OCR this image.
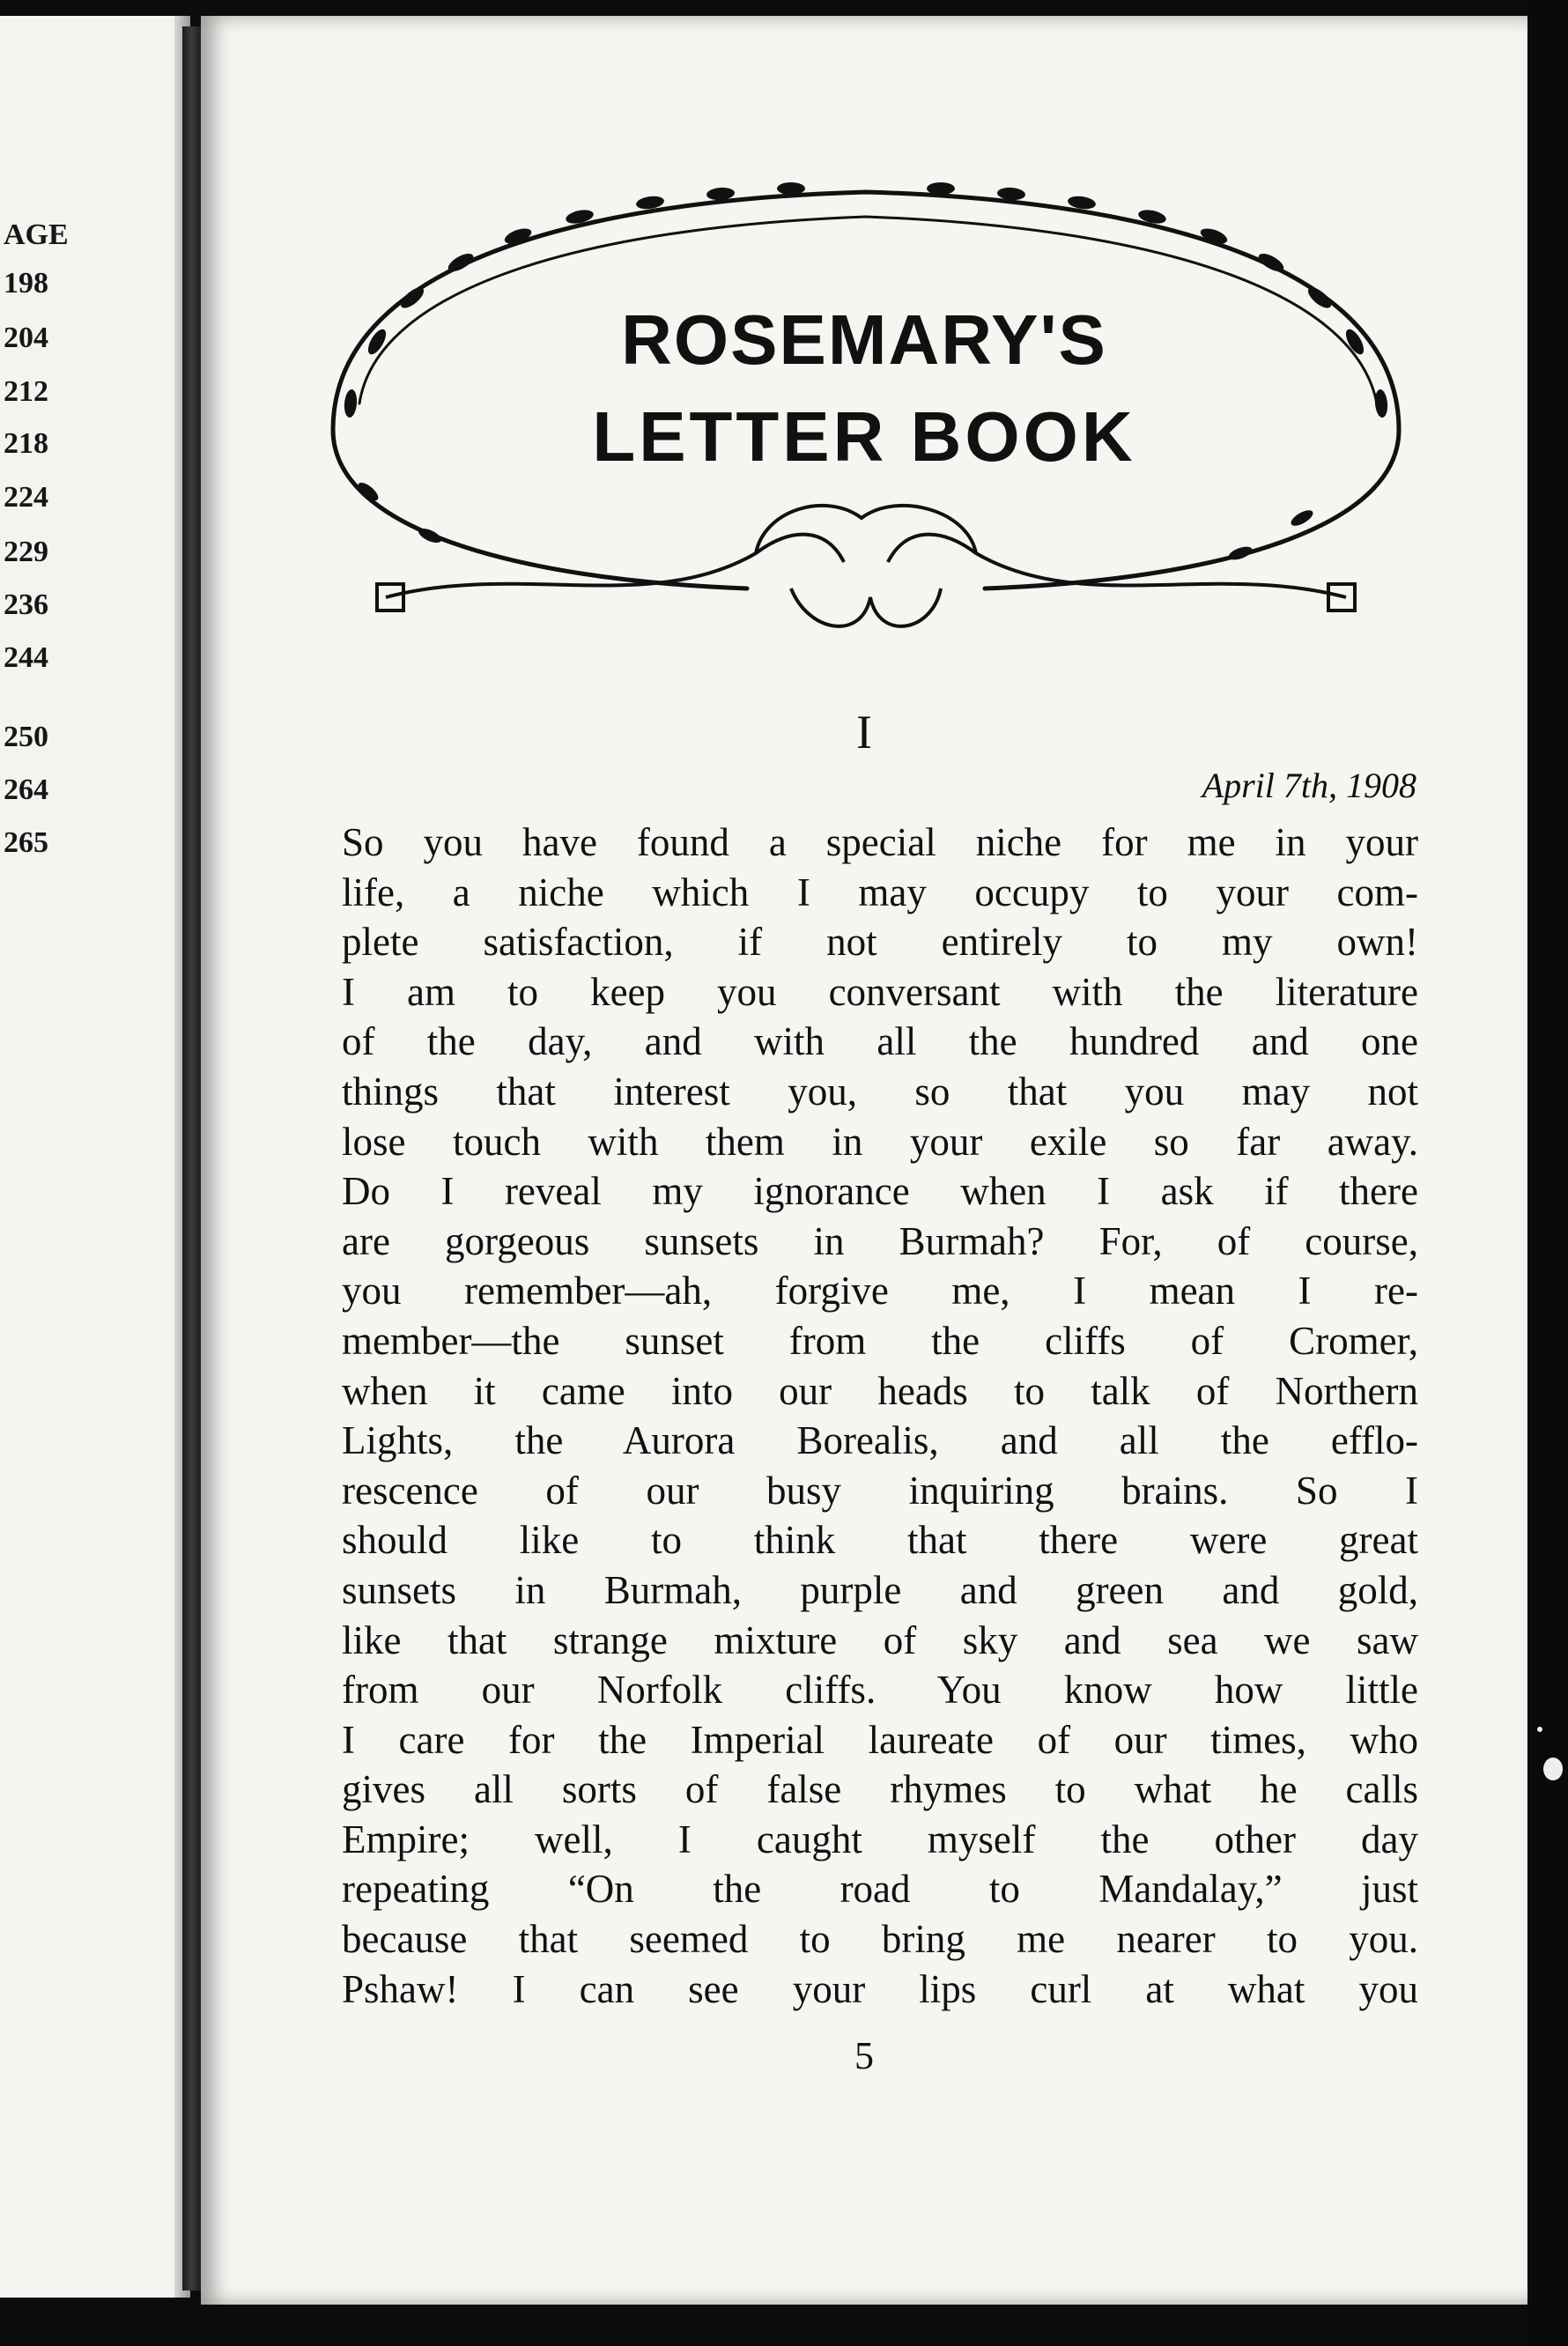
AGE
198
204
212
218
224
229
236
244
250
264
265
ROSEMARY'S
LETTER BOOK
I
April 7th, 1908
So you have found a special niche for me in your
life, a niche which I may occupy to your com-
plete satisfaction, if not entirely to my own!
I am to keep you conversant with the literature
of the day, and with all the hundred and one
things that interest you, so that you may not
lose touch with them in your exile so far away.
Do I reveal my ignorance when I ask if there
are gorgeous sunsets in Burmah? For, of course,
you remember—ah, forgive me, I mean I re-
member—the sunset from the cliffs of Cromer,
when it came into our heads to talk of Northern
Lights, the Aurora Borealis, and all the efflo-
rescence of our busy inquiring brains. So I
should like to think that there were great
sunsets in Burmah, purple and green and gold,
like that strange mixture of sky and sea we saw
from our Norfolk cliffs. You know how little
I care for the Imperial laureate of our times, who
gives all sorts of false rhymes to what he calls
Empire; well, I caught myself the other day
repeating “On the road to Mandalay,” just
because that seemed to bring me nearer to you.
Pshaw! I can see your lips curl at what you
5
